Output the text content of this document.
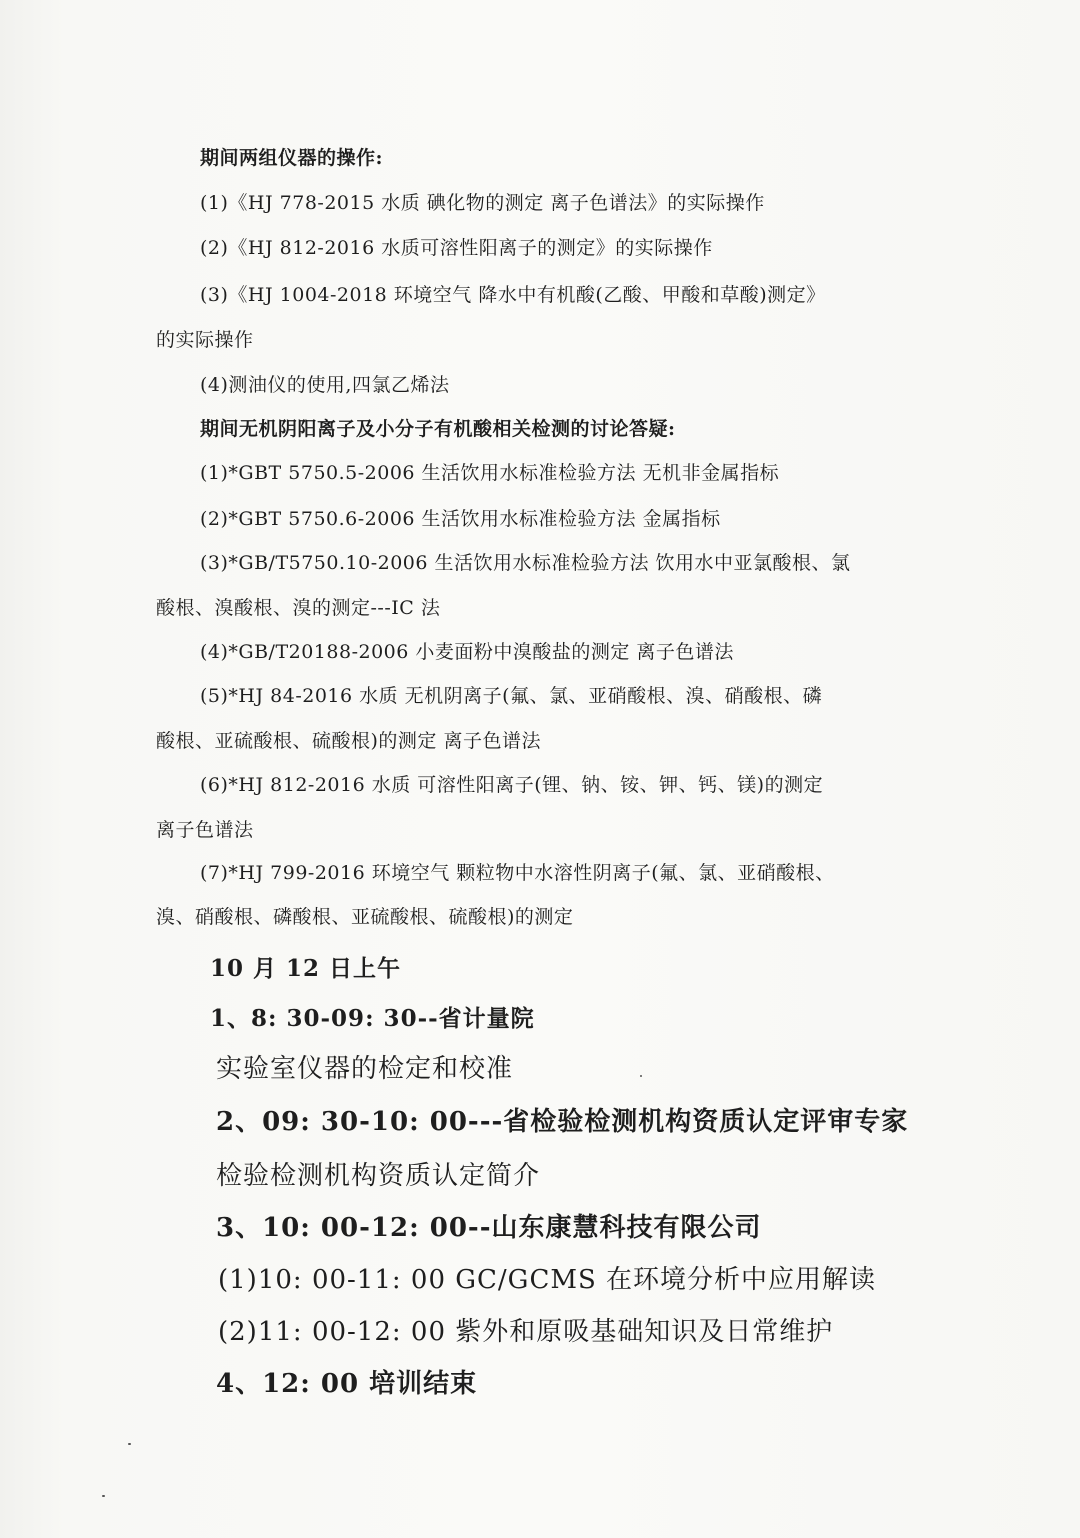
期间两组仪器的操作:

(1)《HJ 778-2015 水质 碘化物的测定 离子色谱法》的实际操作

(2)《HJ 812-2016 水质可溶性阳离子的测定》的实际操作

(3)《HJ 1004-2018 环境空气 降水中有机酸(乙酸、甲酸和草酸)测定》

的实际操作

(4)测油仪的使用,四氯乙烯法

期间无机阴阳离子及小分子有机酸相关检测的讨论答疑:

(1)*GBT 5750.5-2006 生活饮用水标准检验方法 无机非金属指标

(2)*GBT 5750.6-2006 生活饮用水标准检验方法 金属指标

(3)*GB/T5750.10-2006 生活饮用水标准检验方法 饮用水中亚氯酸根、氯

酸根、溴酸根、溴的测定---IC 法

(4)*GB/T20188-2006 小麦面粉中溴酸盐的测定 离子色谱法

(5)*HJ 84-2016 水质 无机阴离子(氟、氯、亚硝酸根、溴、硝酸根、磷

酸根、亚硫酸根、硫酸根)的测定 离子色谱法

(6)*HJ 812-2016 水质 可溶性阳离子(锂、钠、铵、钾、钙、镁)的测定

离子色谱法

(7)*HJ 799-2016 环境空气 颗粒物中水溶性阴离子(氟、氯、亚硝酸根、

溴、硝酸根、磷酸根、亚硫酸根、硫酸根)的测定

10 月 12 日上午

1、8: 30-09: 30--省计量院

实验室仪器的检定和校准

2、09: 30-10: 00---省检验检测机构资质认定评审专家

检验检测机构资质认定简介

3、10: 00-12: 00--山东康慧科技有限公司

(1)10: 00-11: 00 GC/GCMS 在环境分析中应用解读

(2)11: 00-12: 00 紫外和原吸基础知识及日常维护

4、12: 00 培训结束
